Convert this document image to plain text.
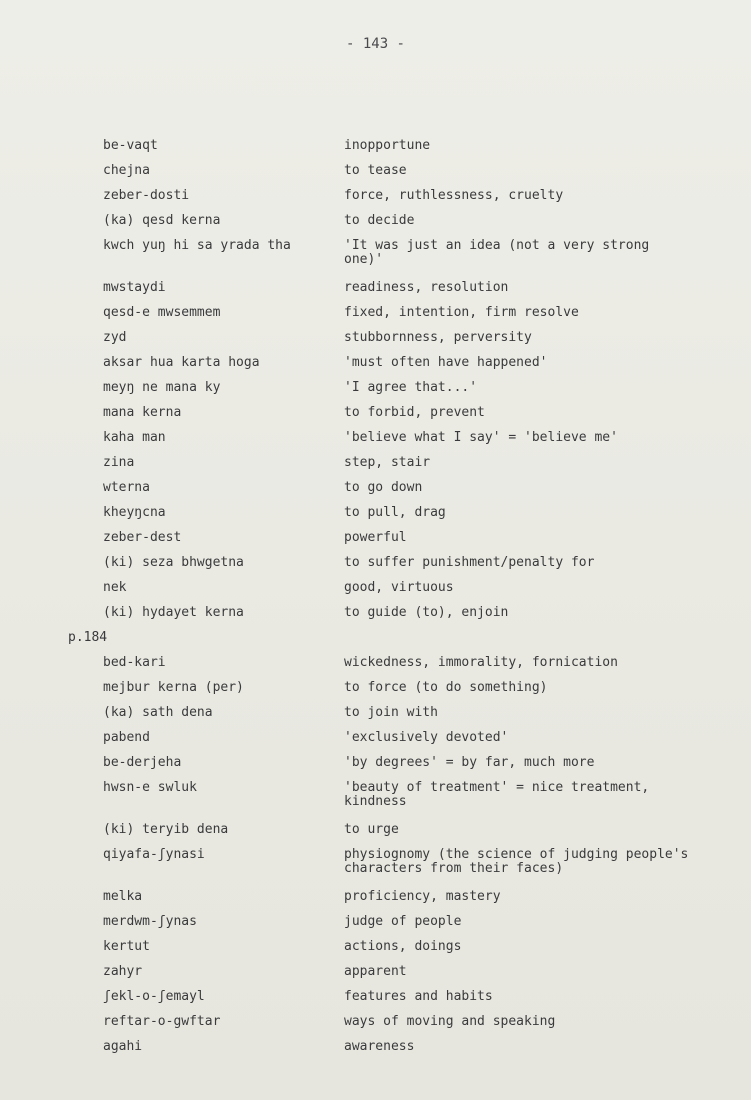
- 143 -
be-vaqt	inopportune
chejna	to tease
zeber-dosti	force, ruthlessness, cruelty
(ka) qesd kerna	to decide
kwch yuŋ hi sa yrada tha	'It was just an idea (not a very strong
one)'
mwstaydi	readiness, resolution
qesd-e mwsemmem	fixed, intention, firm resolve
zyd	stubbornness, perversity
aksar hua karta hoga	'must often have happened'
meyŋ ne mana ky	'I agree that...'
mana kerna	to forbid, prevent
kaha man	'believe what I say' = 'believe me'
zina	step, stair
wterna	to go down
kheyŋcna	to pull, drag
zeber-dest	powerful
(ki) seza bhwgetna	to suffer punishment/penalty for
nek	good, virtuous
(ki) hydayet kerna	to guide (to), enjoin
p.184
bed-kari	wickedness, immorality, fornication
mejbur kerna (per)	to force (to do something)
(ka) sath dena	to join with
pabend	'exclusively devoted'
be-derjeha	'by degrees' = by far, much more
hwsn-e swluk	'beauty of treatment' = nice treatment,
kindness
(ki) teryib dena	to urge
qiyafa-ʃynasi	physiognomy (the science of judging people's
characters from their faces)
melka	proficiency, mastery
merdwm-ʃynas	judge of people
kertut	actions, doings
zahyr	apparent
ʃekl-o-ʃemayl	features and habits
reftar-o-gwftar	ways of moving and speaking
agahi	awareness
